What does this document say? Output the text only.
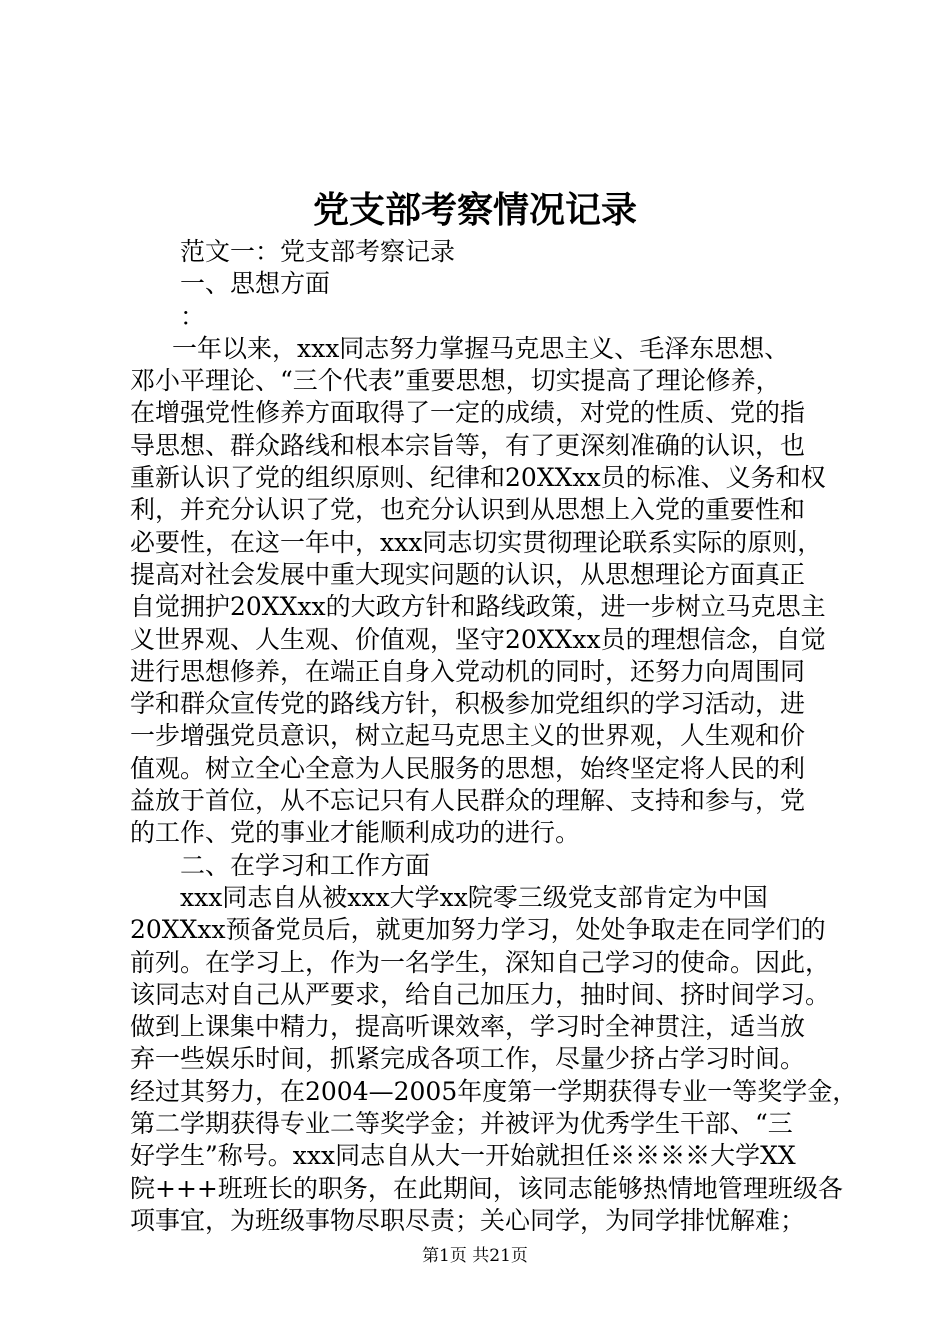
党支部考察情况记录
范文一：党支部考察记录
一、思想方面
：
一年以来，xxx同志努力掌握马克思主义、毛泽东思想、
邓小平理论、“三个代表”重要思想，切实提高了理论修养，
在增强党性修养方面取得了一定的成绩，对党的性质、党的指
导思想、群众路线和根本宗旨等，有了更深刻准确的认识，也
重新认识了党的组织原则、纪律和20XXxx员的标准、义务和权
利，并充分认识了党，也充分认识到从思想上入党的重要性和
必要性，在这一年中，xxx同志切实贯彻理论联系实际的原则，
提高对社会发展中重大现实问题的认识，从思想理论方面真正
自觉拥护20XXxx的大政方针和路线政策，进一步树立马克思主
义世界观、人生观、价值观，坚守20XXxx员的理想信念，自觉
进行思想修养，在端正自身入党动机的同时，还努力向周围同
学和群众宣传党的路线方针，积极参加党组织的学习活动，进
一步增强党员意识，树立起马克思主义的世界观，人生观和价
值观。树立全心全意为人民服务的思想，始终坚定将人民的利
益放于首位，从不忘记只有人民群众的理解、支持和参与，党
的工作、党的事业才能顺利成功的进行。
二、在学习和工作方面
xxx同志自从被xxx大学xx院零三级党支部肯定为中国
20XXxx预备党员后，就更加努力学习，处处争取走在同学们的
前列。在学习上，作为一名学生，深知自己学习的使命。因此，
该同志对自己从严要求，给自己加压力，抽时间、挤时间学习。
做到上课集中精力，提高听课效率，学习时全神贯注，适当放
弃一些娱乐时间，抓紧完成各项工作，尽量少挤占学习时间。
经过其努力，在2004—2005年度第一学期获得专业一等奖学金，
第二学期获得专业二等奖学金；并被评为优秀学生干部、“三
好学生”称号。xxx同志自从大一开始就担任※※※※大学XX
院+++班班长的职务，在此期间，该同志能够热情地管理班级各
项事宜，为班级事物尽职尽责；关心同学，为同学排忧解难；
第1页 共21页
